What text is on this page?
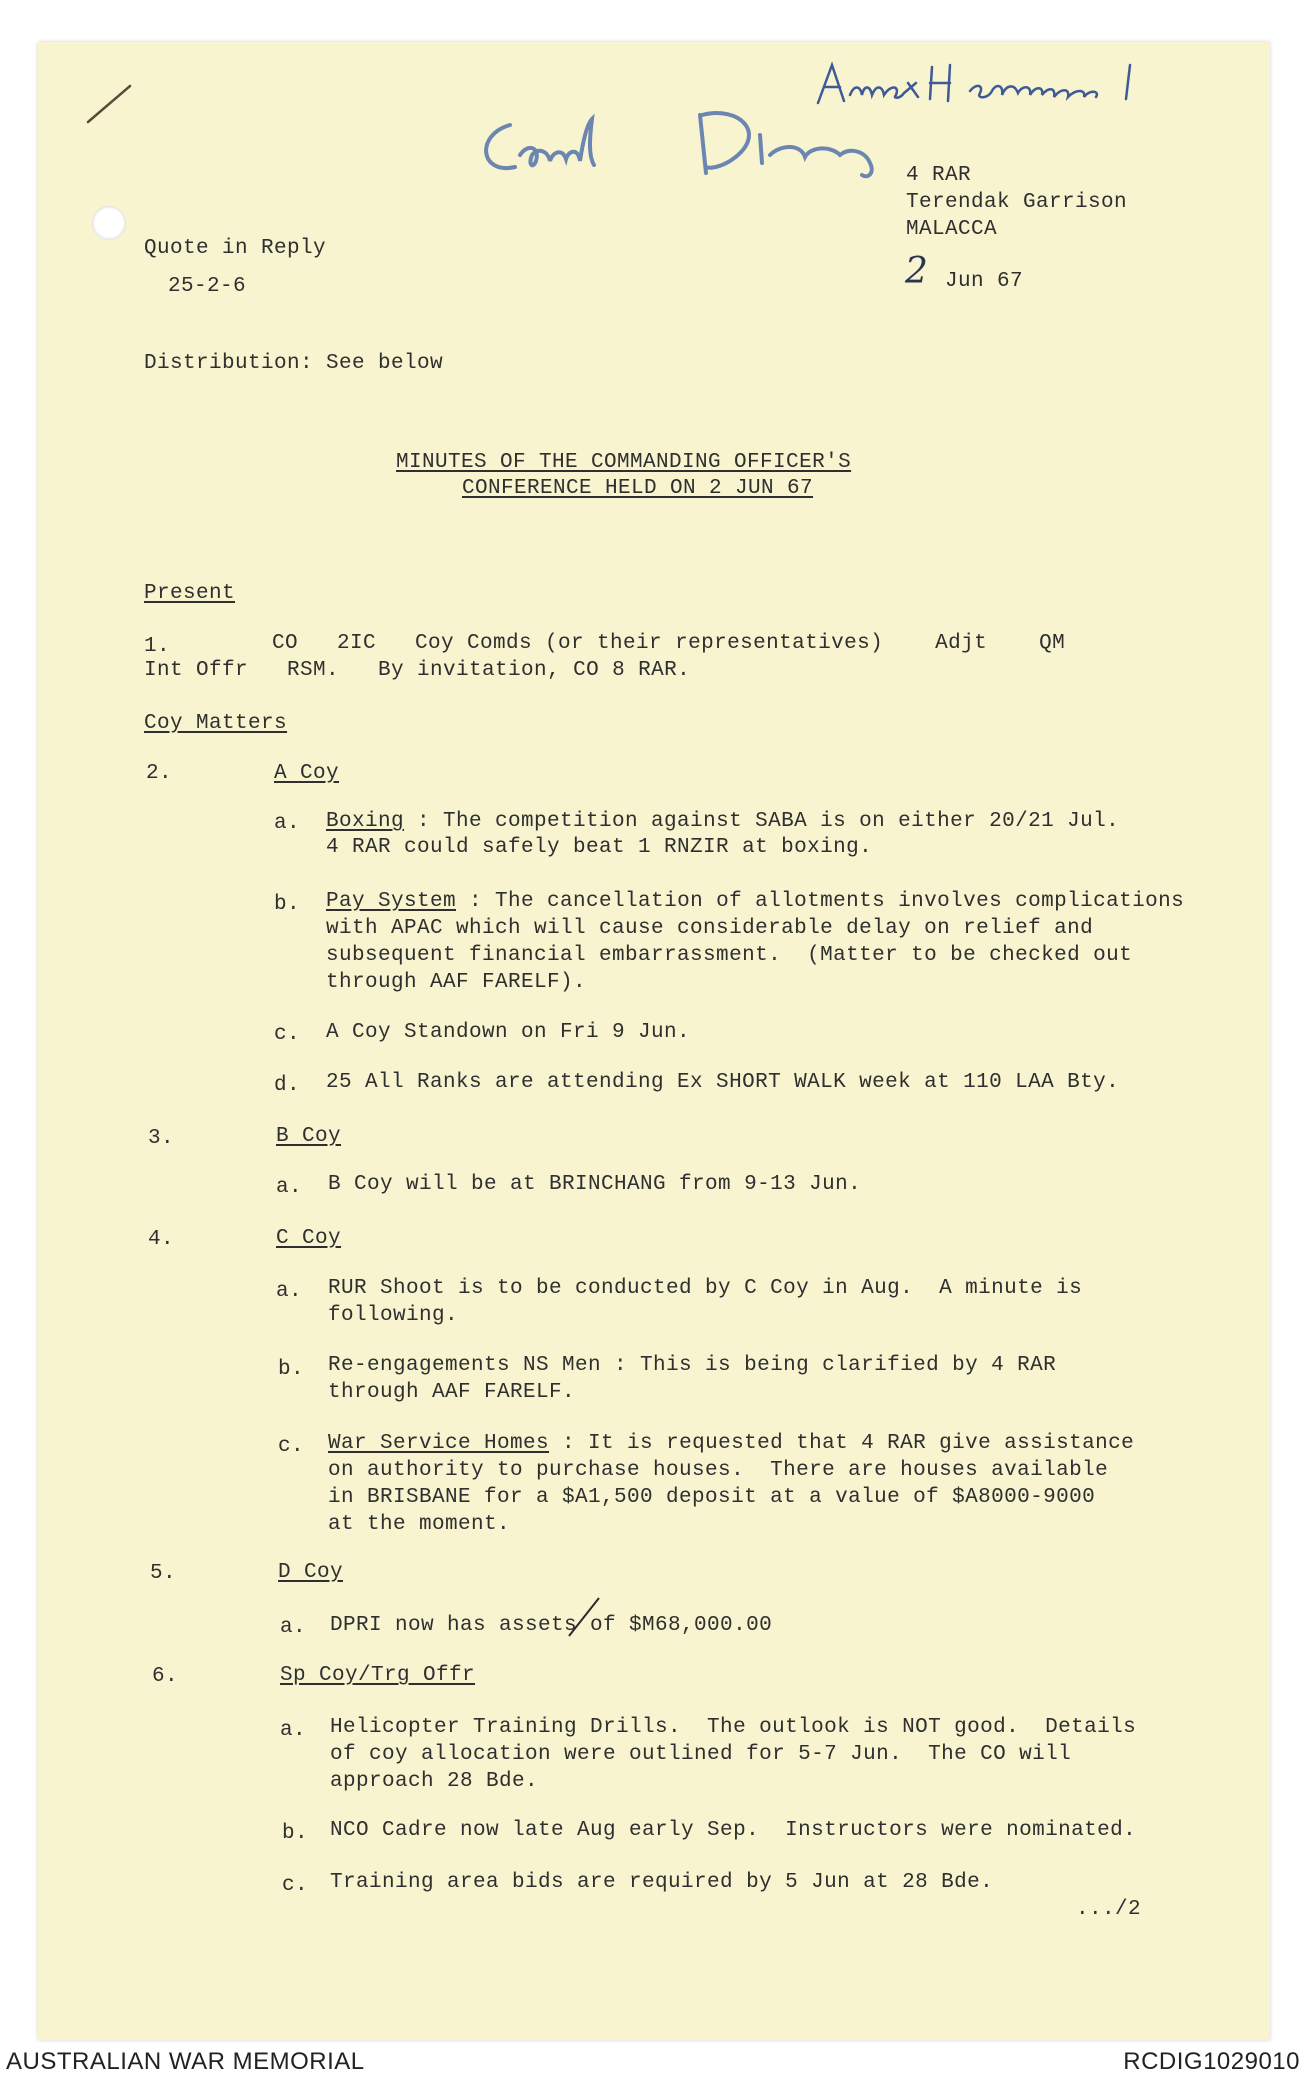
4 RAR
Terendak Garrison
MALACCA
2 Jun 67
Quote in Reply
25-2-6
Distribution: See below
MINUTES OF THE COMMANDING OFFICER'S
CONFERENCE HELD ON 2 JUN 67
Present
1.	CO   2IC   Coy Comds (or their representatives)    Adjt    QM
Int Offr   RSM.   By invitation, CO 8 RAR.
Coy Matters
2.	A Coy
a. Boxing : The competition against SABA is on either 20/21 Jul.
4 RAR could safely beat 1 RNZIR at boxing.
b. Pay System : The cancellation of allotments involves complications
with APAC which will cause considerable delay on relief and
subsequent financial embarrassment.  (Matter to be checked out
through AAF FARELF).
c. A Coy Standown on Fri 9 Jun.
d. 25 All Ranks are attending Ex SHORT WALK week at 110 LAA Bty.
3.	B Coy
a. B Coy will be at BRINCHANG from 9-13 Jun.
4.	C Coy
a. RUR Shoot is to be conducted by C Coy in Aug.  A minute is
following.
b. Re-engagements NS Men : This is being clarified by 4 RAR
through AAF FARELF.
c. War Service Homes : It is requested that 4 RAR give assistance
on authority to purchase houses.  There are houses available
in BRISBANE for a $A1,500 deposit at a value of $A8000-9000
at the moment.
5.	D Coy
a. DPRI now has assets of $M68,000.00
6.	Sp Coy/Trg Offr
a. Helicopter Training Drills.  The outlook is NOT good.  Details
of coy allocation were outlined for 5-7 Jun.  The CO will
approach 28 Bde.
b. NCO Cadre now late Aug early Sep.  Instructors were nominated.
c. Training area bids are required by 5 Jun at 28 Bde.
.../2
AUSTRALIAN WAR MEMORIAL	RCDIG1029010
